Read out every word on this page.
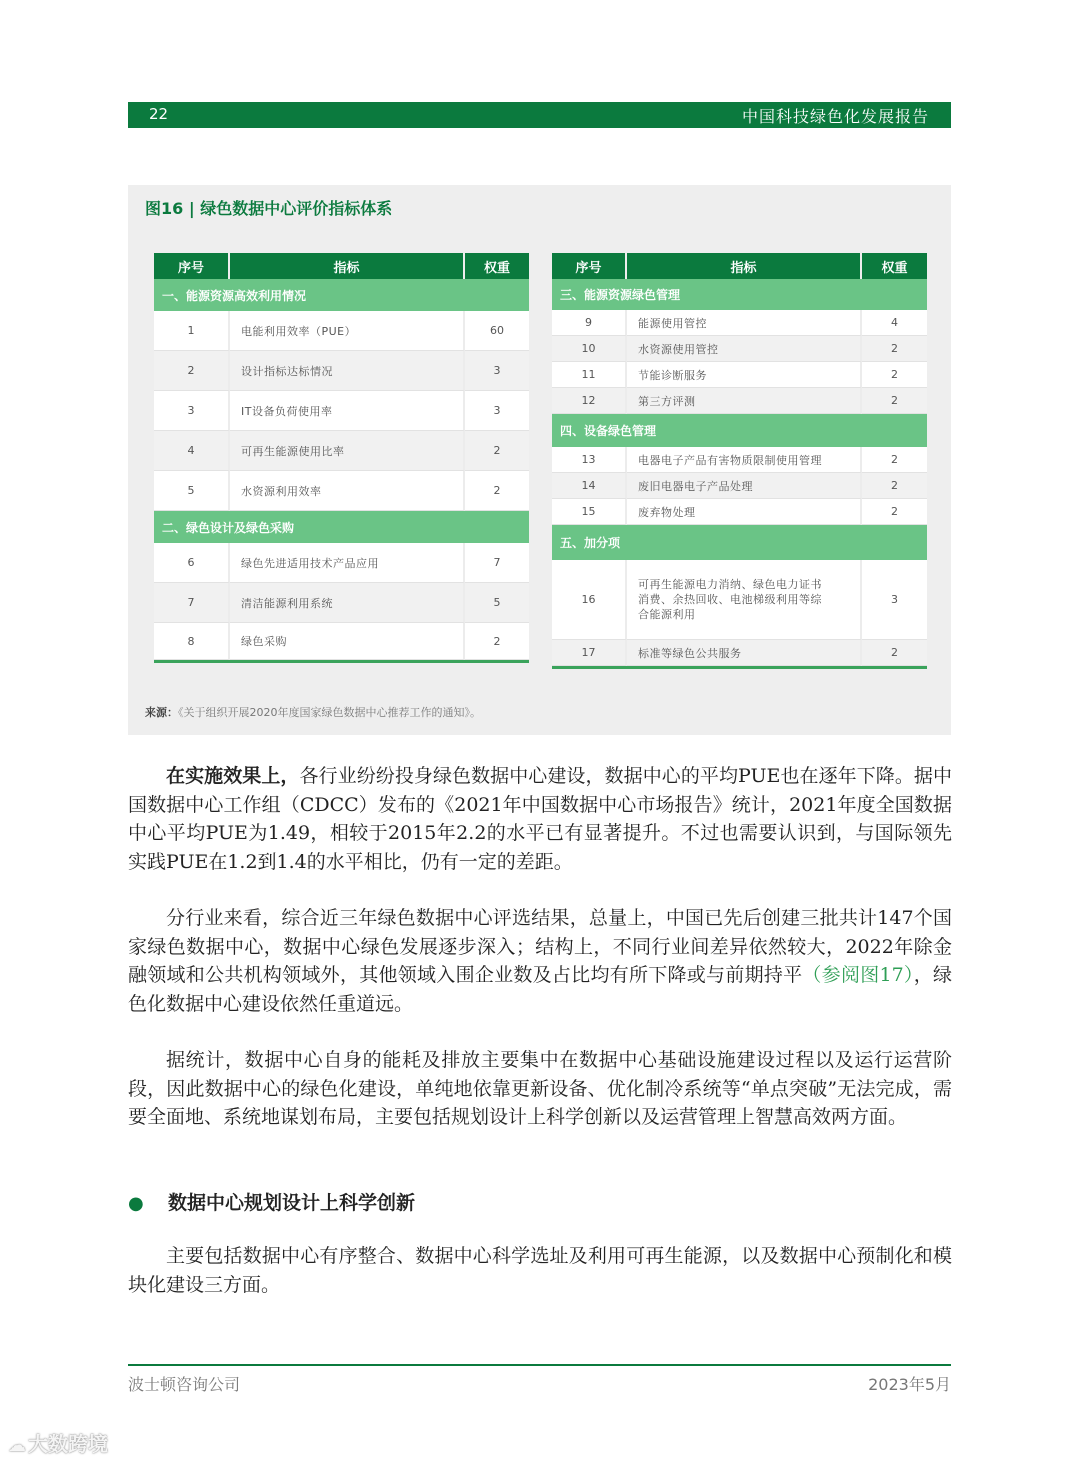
22	中国科技绿色化发展报告
图16 | 绿色数据中心评价指标体系
序号	指标	权重
一、能源资源高效利用情况		
1	电能利用效率（PUE）	60
2	设计指标达标情况	3
3	IT设备负荷使用率	3
4	可再生能源使用比率	2
5	水资源利用效率	2
二、绿色设计及绿色采购		
6	绿色先进适用技术产品应用	7
7	清洁能源利用系统	5
8	绿色采购	2
序号	指标	权重
三、能源资源绿色管理		
9	能源使用管控	4
10	水资源使用管控	2
11	节能诊断服务	2
12	第三方评测	2
四、设备绿色管理		
13	电器电子产品有害物质限制使用管理	2
14	废旧电器电子产品处理	2
15	废弃物处理	2
五、加分项		
16	可再生能源电力消纳、绿色电力证书
消费、余热回收、电池梯级利用等综
合能源利用	3
17	标准等绿色公共服务	2
来源：《关于组织开展2020年度国家绿色数据中心推荐工作的通知》。
在实施效果上，各行业纷纷投身绿色数据中心建设，数据中心的平均PUE也在逐年下降。据中国数据中心工作组（CDCC）发布的《2021年中国数据中心市场报告》统计，2021年度全国数据中心平均PUE为1.49，相较于2015年2.2的水平已有显著提升。不过也需要认识到，与国际领先实践PUE在1.2到1.4的水平相比，仍有一定的差距。
分行业来看，综合近三年绿色数据中心评选结果，总量上，中国已先后创建三批共计147个国家绿色数据中心，数据中心绿色发展逐步深入；结构上，不同行业间差异依然较大，2022年除金融领域和公共机构领域外，其他领域入围企业数及占比均有所下降或与前期持平（参阅图17），绿色化数据中心建设依然任重道远。
据统计，数据中心自身的能耗及排放主要集中在数据中心基础设施建设过程以及运行运营阶段，因此数据中心的绿色化建设，单纯地依靠更新设备、优化制冷系统等“单点突破”无法完成，需要全面地、系统地谋划布局，主要包括规划设计上科学创新以及运营管理上智慧高效两方面。
● 数据中心规划设计上科学创新
主要包括数据中心有序整合、数据中心科学选址及利用可再生能源，以及数据中心预制化和模块化建设三方面。
波士顿咨询公司	2023年5月
☁ 大数跨境
